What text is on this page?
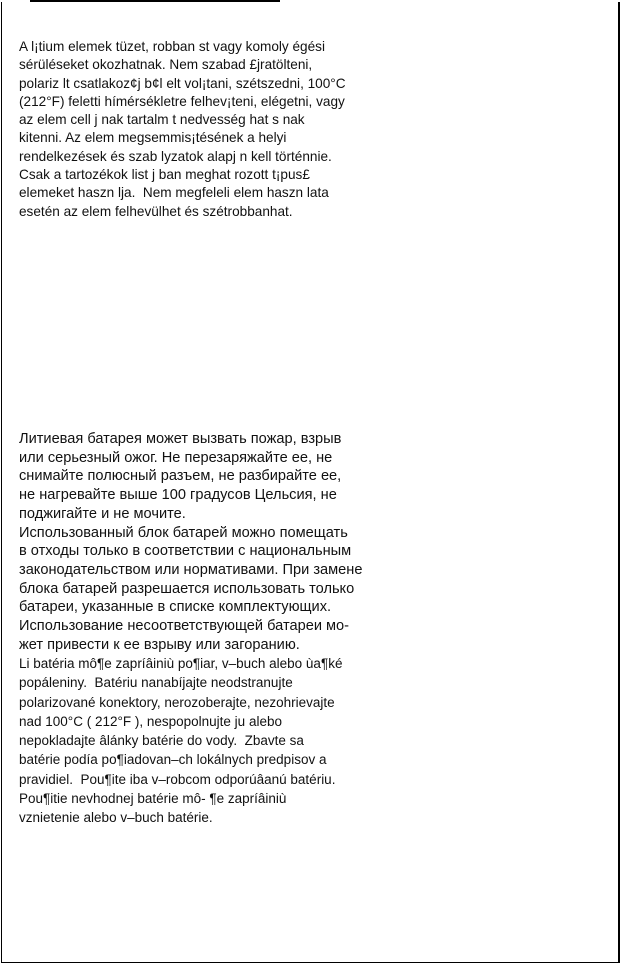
A l¡tium elemek tüzet, robban st vagy komoly égési

sérüléseket okozhatnak. Nem szabad £jratölteni,

polariz lt csatlakoz¢j b¢l elt vol¡tani, szétszedni, 100°C

(212°F) feletti hímérsékletre felhev¡teni, elégetni, vagy

az elem cell j nak tartalm t nedvesség hat s nak

kitenni. Az elem megsemmis¡tésének a helyi

rendelkezések és szab lyzatok alapj n kell történnie.

Csak a tartozékok list j ban meghat rozott t¡pus£

elemeket haszn lja.  Nem megfeleli elem haszn lata

esetén az elem felhevülhet és szétrobbanhat.

Литиевая батарея может вызвать пожар, взрыв

или серьезный ожог. Не перезаряжайте ее, не

снимайте полюсный разъем, не разбирайте ее,

не нагревайте выше 100 градусов Цельсия, не

поджигайте и не мочите.

Использованный блок батарей можно помещать

в отходы только в соответствии с национальным

законодательством или нормативами. При замене

блока батарей разрешается использовать только

батареи, указанные в списке комплектующих.

Использование несоответствующей батареи мо-

жет привести к ее взрыву или загоранию.

Li batéria mô¶e zapríâiniù po¶iar, v–buch alebo ùa¶ké

popáleniny.  Batériu nanabíjajte neodstranujte

polarizované konektory, nerozoberajte, nezohrievajte

nad 100°C ( 212°F ), nespopolnujte ju alebo

nepokladajte âlánky batérie do vody.  Zbavte sa

batérie podía po¶iadovan–ch lokálnych predpisov a

pravidiel.  Pou¶ite iba v–robcom odporúâanú batériu.

Pou¶itie nevhodnej batérie mô- ¶e zapríâiniù

vznietenie alebo v–buch batérie.
